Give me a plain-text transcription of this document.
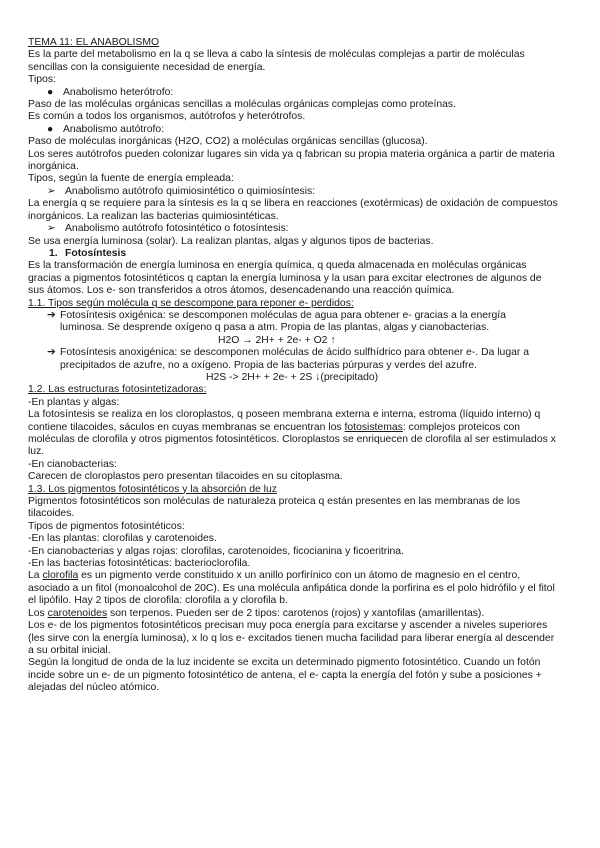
TEMA 11: EL ANABOLISMO
Es la parte del metabolismo en la q se lleva a cabo la síntesis de moléculas complejas a partir de moléculas sencillas con la consiguiente necesidad de energía.
Tipos:
● Anabolismo heterótrofo:
Paso de las moléculas orgánicas sencillas a moléculas orgánicas complejas como proteínas.
Es común a todos los organismos, autótrofos y heterótrofos.
● Anabolismo autótrofo:
Paso de moléculas inorgánicas (H2O, CO2) a moléculas orgánicas sencillas (glucosa).
Los seres autótrofos pueden colonizar lugares sin vida ya q fabrican su propia materia orgánica a partir de materia inorgánica.
Tipos, según la fuente de energía empleada:
➢ Anabolismo autótrofo quimiosintético o quimiosíntesis:
La energía q se requiere para la síntesis es la q se libera en reacciones (exotérmicas) de oxidación de compuestos inorgánicos. La realizan las bacterias quimiosintéticas.
➢ Anabolismo autótrofo fotosintético o fotosíntesis:
Se usa energía luminosa (solar). La realizan plantas, algas y algunos tipos de bacterias.
1. Fotosíntesis
Es la transformación de energía luminosa en energía química, q queda almacenada en moléculas orgánicas gracias a pigmentos fotosintéticos q captan la energía luminosa y la usan para excitar electrones de algunos de sus átomos. Los e- son transferidos a otros átomos, desencadenando una reacción química.
1.1. Tipos según molécula q se descompone para reponer e- perdidos:
➔ Fotosíntesis oxigénica: se descomponen moléculas de agua para obtener e- gracias a la energía
luminosa. Se desprende oxígeno q pasa a atm. Propia de las plantas, algas y cianobacterias.
H2O → 2H+ + 2e- + O2 ↑
➔ Fotosíntesis anoxigénica: se descomponen moléculas de ácido sulfhídrico para obtener e-. Da lugar a
precipitados de azufre, no a oxígeno. Propia de las bacterias púrpuras y verdes del azufre.
H2S -> 2H+ + 2e- + 2S ↓(precipitado)
1.2. Las estructuras fotosintetizadoras:
-En plantas y algas:
La fotosíntesis se realiza en los cloroplastos, q poseen membrana externa e interna, estroma (líquido interno) q contiene tilacoides, sáculos en cuyas membranas se encuentran los fotosistemas: complejos proteicos con moléculas de clorofila y otros pigmentos fotosintéticos. Cloroplastos se enriquecen de clorofila al ser estimulados x luz.
-En cianobacterias:
Carecen de cloroplastos pero presentan tilacoides en su citoplasma.
1.3. Los pigmentos fotosintéticos y la absorción de luz
Pigmentos fotosintéticos son moléculas de naturaleza proteica q están presentes en las membranas de los tilacoides.
Tipos de pigmentos fotosintéticos:
-En las plantas: clorofilas y carotenoides.
-En cianobacterias y algas rojas: clorofilas, carotenoides, ficocianina y ficoeritrina.
-En las bacterias fotosintéticas: bacterioclorofila.
La clorofila es un pigmento verde constituido x un anillo porfirínico con un átomo de magnesio en el centro, asociado a un fitol (monoalcohol de 20C). Es una molécula anfipática donde la porfirina es el polo hidrófilo y el fitol el lipófilo. Hay 2 tipos de clorofila: clorofila a y clorofila b.
Los carotenoides son terpenos. Pueden ser de 2 tipos: carotenos (rojos) y xantofilas (amarillentas).
Los e- de los pigmentos fotosintéticos precisan muy poca energía para excitarse y ascender a niveles superiores (les sirve con la energía luminosa), x lo q los e- excitados tienen mucha facilidad para liberar energía al descender a su orbital inicial.
Según la longitud de onda de la luz incidente se excita un determinado pigmento fotosintético. Cuando un fotón incide sobre un e- de un pigmento fotosintético de antena, el e- capta la energía del fotón y sube a posiciones + alejadas del núcleo atómico.
